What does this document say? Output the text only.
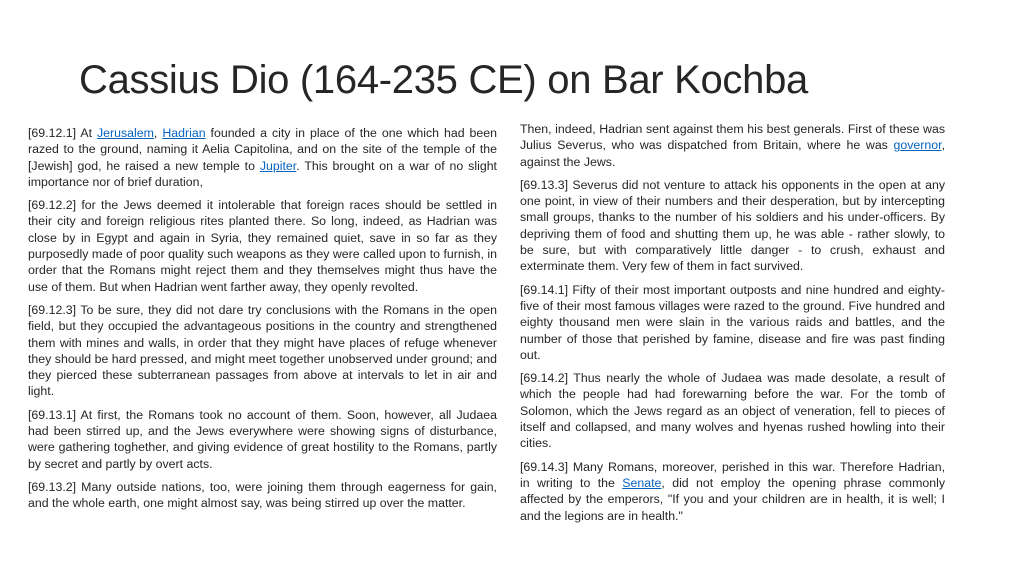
Cassius Dio (164-235 CE) on Bar Kochba

[69.12.1] At Jerusalem, Hadrian founded a city in place of the one which had been razed to the ground, naming it Aelia Capitolina, and on the site of the temple of the [Jewish] god, he raised a new temple to Jupiter. This brought on a war of no slight importance nor of brief duration,

[69.12.2] for the Jews deemed it intolerable that foreign races should be settled in their city and foreign religious rites planted there. So long, indeed, as Hadrian was close by in Egypt and again in Syria, they remained quiet, save in so far as they purposedly made of poor quality such weapons as they were called upon to furnish, in order that the Romans might reject them and they themselves might thus have the use of them. But when Hadrian went farther away, they openly revolted.

[69.12.3] To be sure, they did not dare try conclusions with the Romans in the open field, but they occupied the advantageous positions in the country and strengthened them with mines and walls, in order that they might have places of refuge whenever they should be hard pressed, and might meet together unobserved under ground; and they pierced these subterranean passages from above at intervals to let in air and light.

[69.13.1] At first, the Romans took no account of them. Soon, however, all Judaea had been stirred up, and the Jews everywhere were showing signs of disturbance, were gathering toghether, and giving evidence of great hostility to the Romans, partly by secret and partly by overt acts.

[69.13.2] Many outside nations, too, were joining them through eagerness for gain, and the whole earth, one might almost say, was being stirred up over the matter.

Then, indeed, Hadrian sent against them his best generals. First of these was Julius Severus, who was dispatched from Britain, where he was governor, against the Jews.

[69.13.3] Severus did not venture to attack his opponents in the open at any one point, in view of their numbers and their desperation, but by intercepting small groups, thanks to the number of his soldiers and his under-officers. By depriving them of food and shutting them up, he was able - rather slowly, to be sure, but with comparatively little danger - to crush, exhaust and exterminate them. Very few of them in fact survived.

[69.14.1] Fifty of their most important outposts and nine hundred and eighty-five of their most famous villages were razed to the ground. Five hundred and eighty thousand men were slain in the various raids and battles, and the number of those that perished by famine, disease and fire was past finding out.

[69.14.2] Thus nearly the whole of Judaea was made desolate, a result of which the people had had forewarning before the war. For the tomb of Solomon, which the Jews regard as an object of veneration, fell to pieces of itself and collapsed, and many wolves and hyenas rushed howling into their cities.

[69.14.3] Many Romans, moreover, perished in this war. Therefore Hadrian, in writing to the Senate, did not employ the opening phrase commonly affected by the emperors, "If you and your children are in health, it is well; I and the legions are in health."
